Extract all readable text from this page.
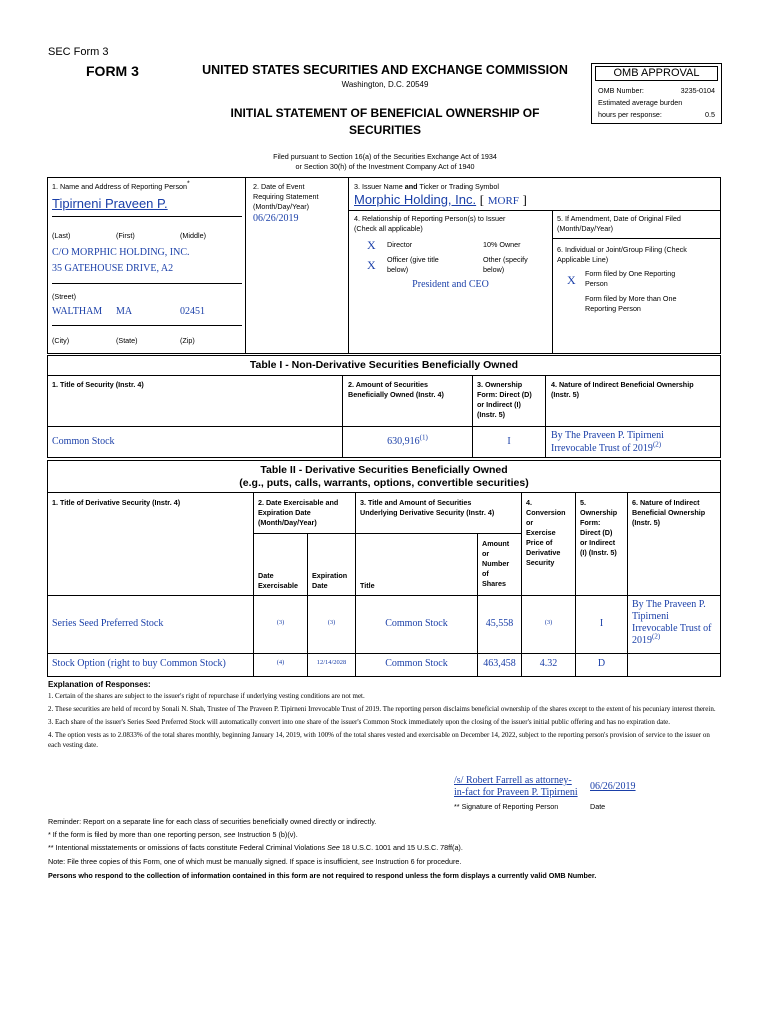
SEC Form 3
FORM 3	UNITED STATES SECURITIES AND EXCHANGE COMMISSION
Washington, D.C. 20549
INITIAL STATEMENT OF BENEFICIAL OWNERSHIP OF
SECURITIES
OMB APPROVAL
OMB Number:	3235-0104
Estimated average burden
hours per response:	0.5
Filed pursuant to Section 16(a) of the Securities Exchange Act of 1934
or Section 30(h) of the Investment Company Act of 1940
1. Name and Address of Reporting Person*
Tipirneni Praveen P.
(Last)	(First)	(Middle)
C/O MORPHIC HOLDING, INC.
35 GATEHOUSE DRIVE, A2
(Street)
WALTHAM MA	02451
(City)	(State)	(Zip)
2. Date of Event
Requiring Statement
(Month/Day/Year)
06/26/2019
3. Issuer Name and Ticker or Trading Symbol
Morphic Holding, Inc. [ MORF ]
4. Relationship of Reporting Person(s) to Issuer
(Check all applicable)
X Director	10% Owner
X Officer (give title
below)
Other (specify
below)
President and CEO
5. If Amendment, Date of Original Filed
(Month/Day/Year)
6. Individual or Joint/Group Filing (Check
Applicable Line)
X Form filed by One Reporting
Person
Form filed by More than One
Reporting Person
Table I - Non-Derivative Securities Beneficially Owned
1. Title of Security (Instr. 4)	2. Amount of Securities
Beneficially Owned (Instr. 4)
3. Ownership
Form: Direct (D)
or Indirect (I)
(Instr. 5)
4. Nature of Indirect Beneficial Ownership
(Instr. 5)
Common Stock	630,916$^{(1)}$	I
By The Praveen P. Tipirneni
Irrevocable Trust of 2019$^{(2)}$
Table II - Derivative Securities Beneficially Owned
(e.g., puts, calls, warrants, options, convertible securities)
1. Title of Derivative Security (Instr. 4)	2. Date Exercisable and
Expiration Date
(Month/Day/Year)
3. Title and Amount of Securities
Underlying Derivative Security (Instr. 4)
4.
Conversion
or
Exercise
Price of
Derivative
Security
5.
Ownership
Form:
Direct (D)
or Indirect
(I) (Instr. 5)
6. Nature of Indirect
Beneficial Ownership
(Instr. 5)
Date
Exercisable
Expiration
Date	Title
Amount
or
Number
of
Shares
Series Seed Preferred Stock	(3)	(3)	Common Stock	45,558	(3)	I
By The Praveen P.
Tipirneni
Irrevocable Trust of
2019$^{(2)}$
Stock Option (right to buy Common Stock)	(4)	12/14/2028	Common Stock	463,458	4.32	D
Explanation of Responses:
1. Certain of the shares are subject to the issuer's right of repurchase if underlying vesting conditions are not met.
2. These securities are held of record by Sonali N. Shah, Trustee of The Praveen P. Tipirneni Irrevocable Trust of 2019. The reporting person disclaims beneficial ownership of the shares except to the extent of his pecuniary interest therein.
3. Each share of the issuer's Series Seed Preferred Stock will automatically convert into one share of the issuer's Common Stock immediately upon the closing of the issuer's initial public offering and has no expiration date.
4. The option vests as to 2.0833% of the total shares monthly, beginning January 14, 2019, with 100% of the total shares vested and exercisable on December 14, 2022, subject to the reporting person's provision of service to the issuer on each vesting date.
/s/ Robert Farrell as attorney-
in-fact for Praveen P. Tipirneni
06/26/2019
** Signature of Reporting Person	Date
Reminder: Report on a separate line for each class of securities beneficially owned directly or indirectly.
* If the form is filed by more than one reporting person, see Instruction 5 (b)(v).
** Intentional misstatements or omissions of facts constitute Federal Criminal Violations See 18 U.S.C. 1001 and 15 U.S.C. 78ff(a).
Note: File three copies of this Form, one of which must be manually signed. If space is insufficient, see Instruction 6 for procedure.
Persons who respond to the collection of information contained in this form are not required to respond unless the form displays a currently valid OMB Number.
